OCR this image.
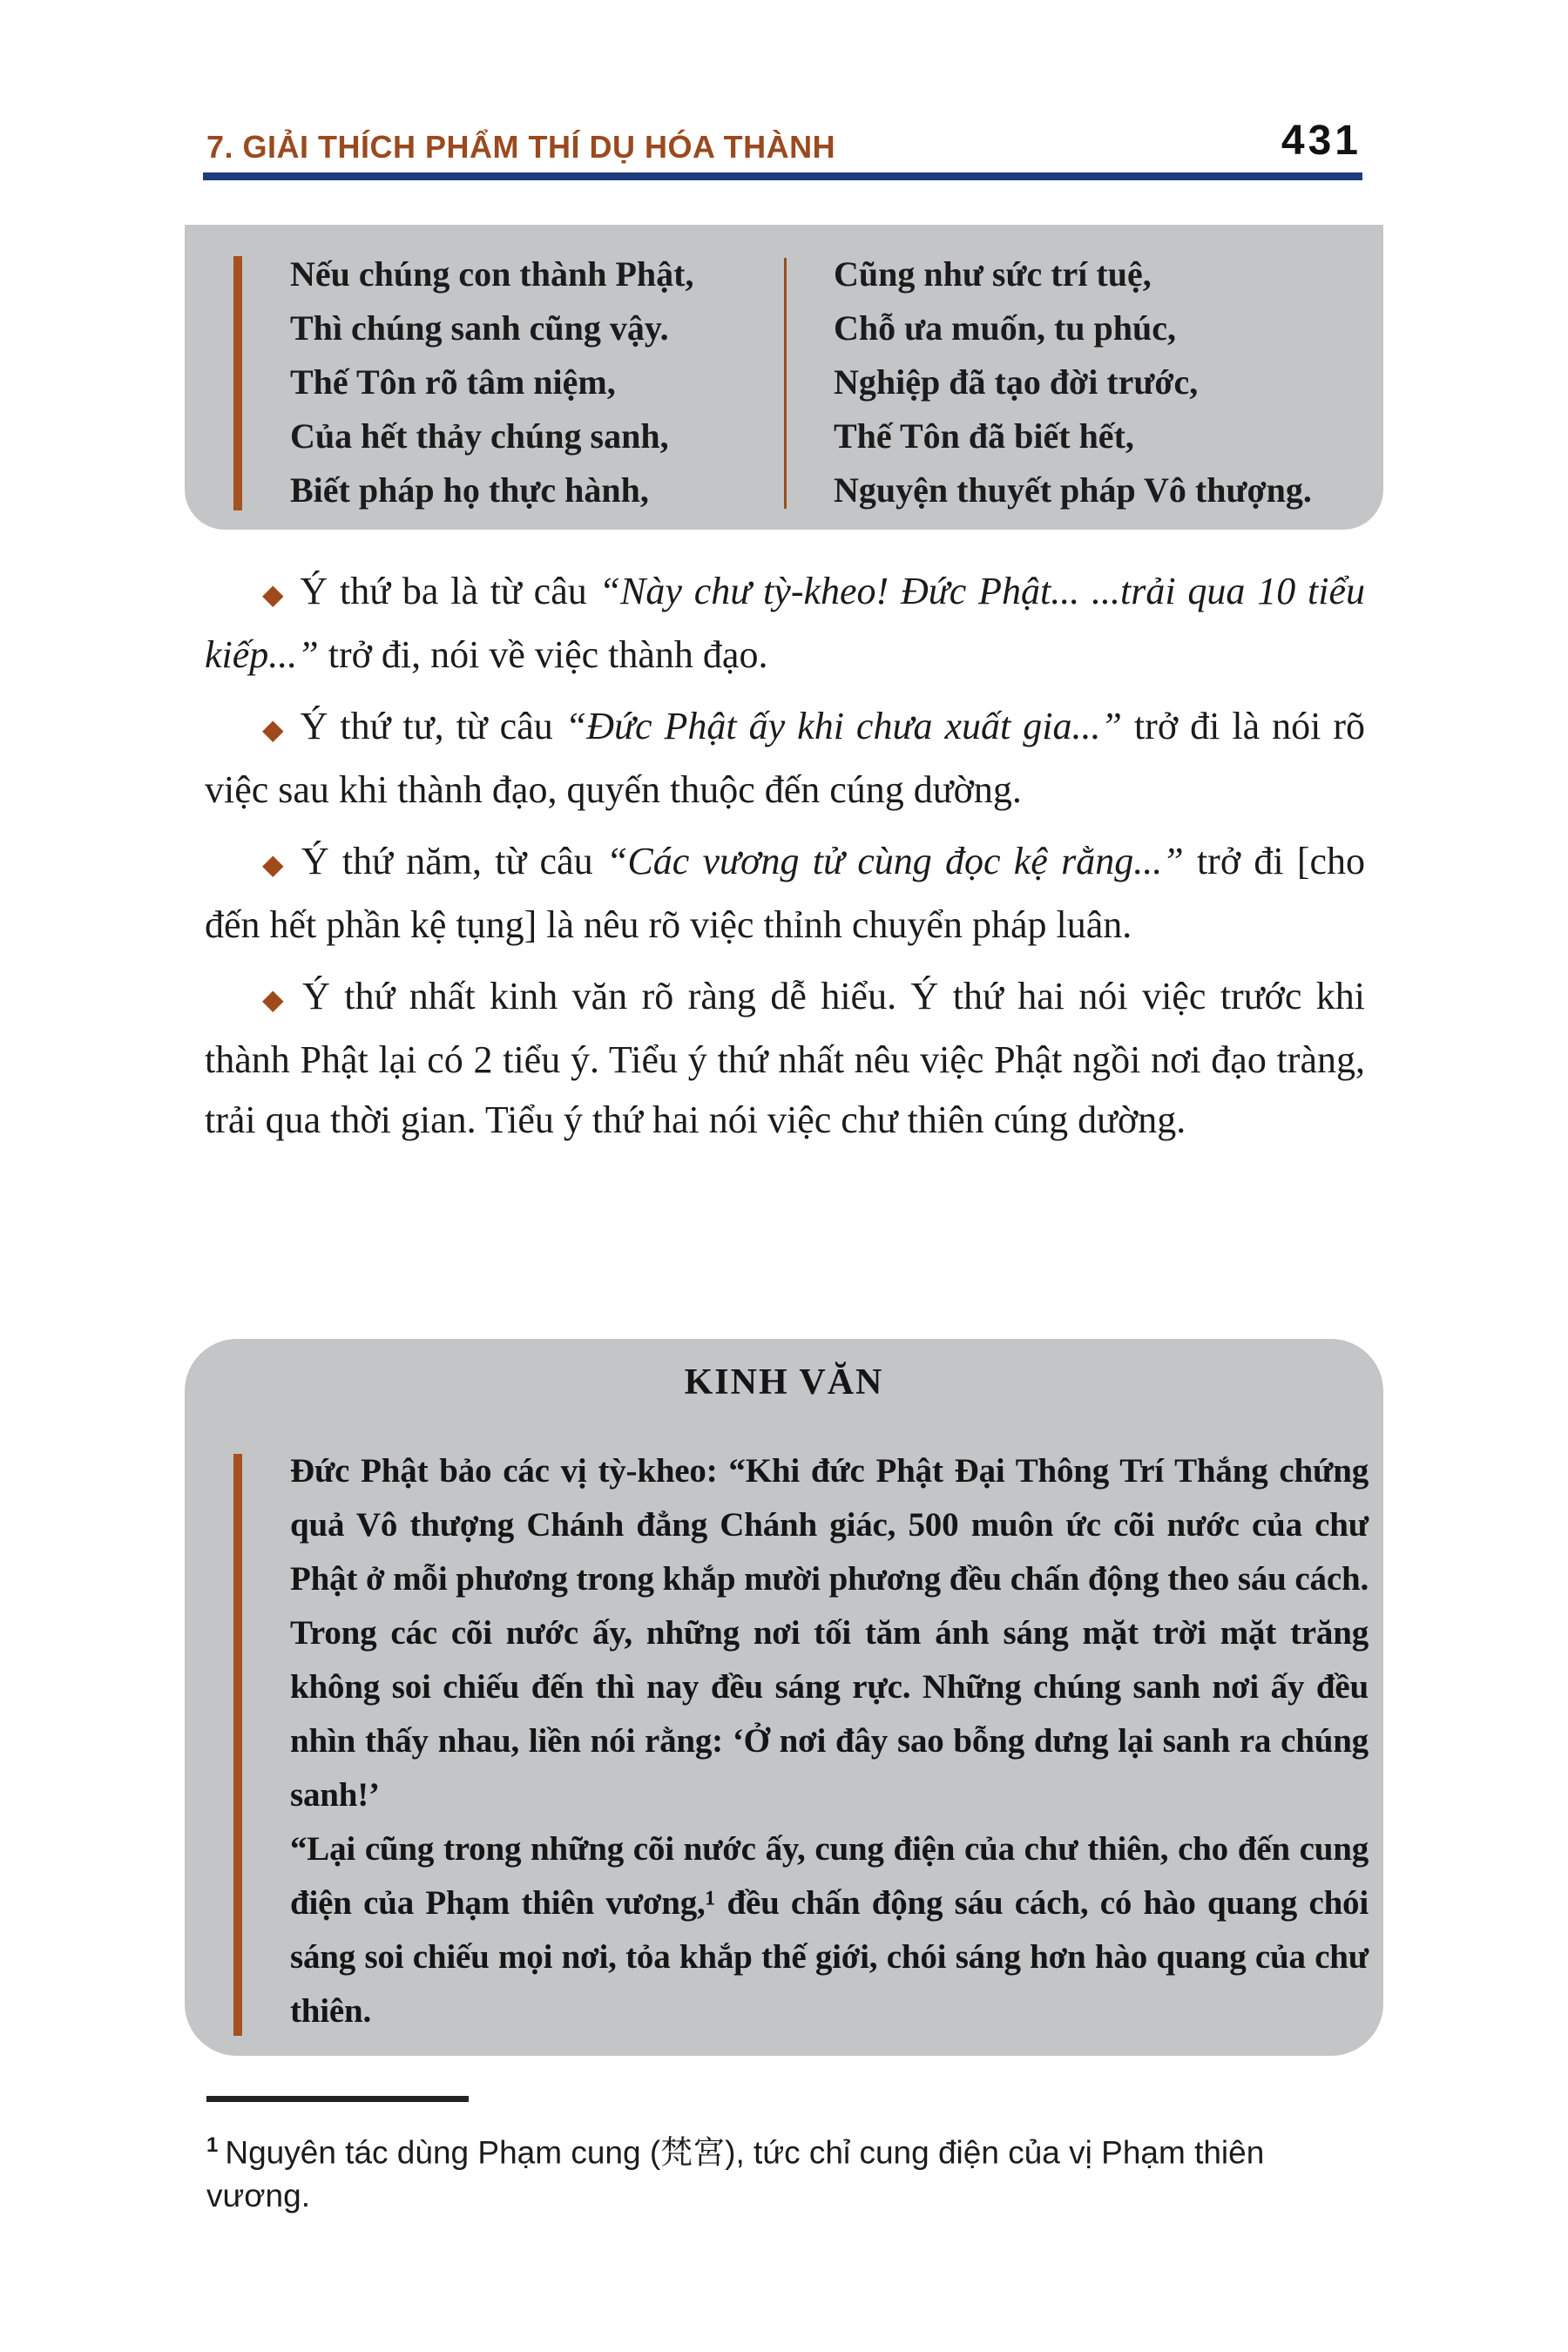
7. GIẢI THÍCH PHẨM THÍ DỤ HÓA THÀNH	431
Nếu chúng con thành Phật,
Thì chúng sanh cũng vậy.
Thế Tôn rõ tâm niệm,
Của hết thảy chúng sanh,
Biết pháp họ thực hành,
Cũng như sức trí tuệ,
Chỗ ưa muốn, tu phúc,
Nghiệp đã tạo đời trước,
Thế Tôn đã biết hết,
Nguyện thuyết pháp Vô thượng.

◆ Ý thứ ba là từ câu “Này chư tỳ-kheo! Đức Phật... ...trải qua 10 tiểu kiếp...” trở đi, nói về việc thành đạo.

◆ Ý thứ tư, từ câu “Đức Phật ấy khi chưa xuất gia...” trở đi là nói rõ việc sau khi thành đạo, quyến thuộc đến cúng dường.

◆ Ý thứ năm, từ câu “Các vương tử cùng đọc kệ rằng...” trở đi [cho đến hết phần kệ tụng] là nêu rõ việc thỉnh chuyển pháp luân.

◆ Ý thứ nhất kinh văn rõ ràng dễ hiểu. Ý thứ hai nói việc trước khi thành Phật lại có 2 tiểu ý. Tiểu ý thứ nhất nêu việc Phật ngồi nơi đạo tràng, trải qua thời gian. Tiểu ý thứ hai nói việc chư thiên cúng dường.

KINH VĂN

Đức Phật bảo các vị tỳ-kheo: “Khi đức Phật Đại Thông Trí Thắng chứng quả Vô thượng Chánh đẳng Chánh giác, 500 muôn ức cõi nước của chư Phật ở mỗi phương trong khắp mười phương đều chấn động theo sáu cách. Trong các cõi nước ấy, những nơi tối tăm ánh sáng mặt trời mặt trăng không soi chiếu đến thì nay đều sáng rực. Những chúng sanh nơi ấy đều nhìn thấy nhau, liền nói rằng: ‘Ở nơi đây sao bỗng dưng lại sanh ra chúng sanh!’

“Lại cũng trong những cõi nước ấy, cung điện của chư thiên, cho đến cung điện của Phạm thiên vương,¹ đều chấn động sáu cách, có hào quang chói sáng soi chiếu mọi nơi, tỏa khắp thế giới, chói sáng hơn hào quang của chư thiên.

$^1$ Nguyên tác dùng Phạm cung (梵宮), tức chỉ cung điện của vị Phạm thiên vương.
